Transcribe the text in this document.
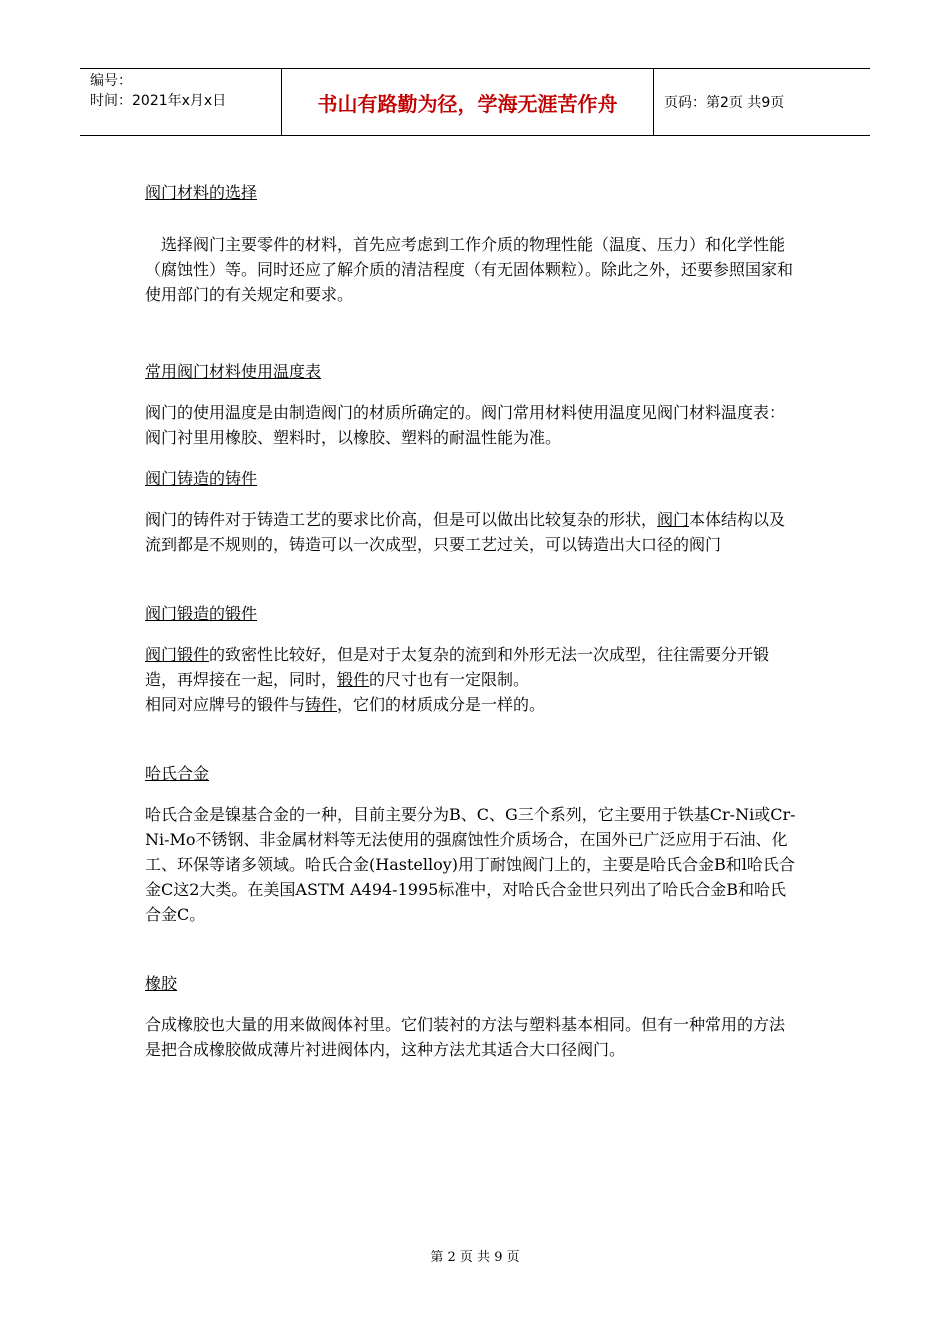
编号：
时间：2021年x月x日	书山有路勤为径，学海无涯苦作舟	页码：第2页 共9页
阀门材料的选择

选择阀门主要零件的材料，首先应考虑到工作介质的物理性能（温度、压力）和化学性能（腐蚀性）等。同时还应了解介质的清洁程度（有无固体颗粒）。除此之外，还要参照国家和使用部门的有关规定和要求。

常用阀门材料使用温度表

阀门的使用温度是由制造阀门的材质所确定的。阀门常用材料使用温度见阀门材料温度表：阀门衬里用橡胶、塑料时，以橡胶、塑料的耐温性能为准。

阀门铸造的铸件

阀门的铸件对于铸造工艺的要求比价高，但是可以做出比较复杂的形状，阀门本体结构以及流到都是不规则的，铸造可以一次成型，只要工艺过关，可以铸造出大口径的阀门

阀门锻造的锻件

阀门锻件的致密性比较好，但是对于太复杂的流到和外形无法一次成型，往往需要分开锻造，再焊接在一起，同时，锻件的尺寸也有一定限制。

相同对应牌号的锻件与铸件，它们的材质成分是一样的。

哈氏合金

哈氏合金是镍基合金的一种，目前主要分为B、C、G三个系列，它主要用于铁基Cr-Ni或Cr-Ni-Mo不锈钢、非金属材料等无法使用的强腐蚀性介质场合，在国外已广泛应用于石油、化工、环保等诸多领域。哈氏合金(Hastelloy)用丁耐蚀阀门上的，主要是哈氏合金B和l哈氏合金C这2大类。在美国ASTM A494-1995标准中，对哈氏合金世只列出了哈氏合金B和哈氏合金C。

橡胶

合成橡胶也大量的用来做阀体衬里。它们装衬的方法与塑料基本相同。但有一种常用的方法是把合成橡胶做成薄片衬进阀体内，这种方法尤其适合大口径阀门。

第 2 页 共 9 页
